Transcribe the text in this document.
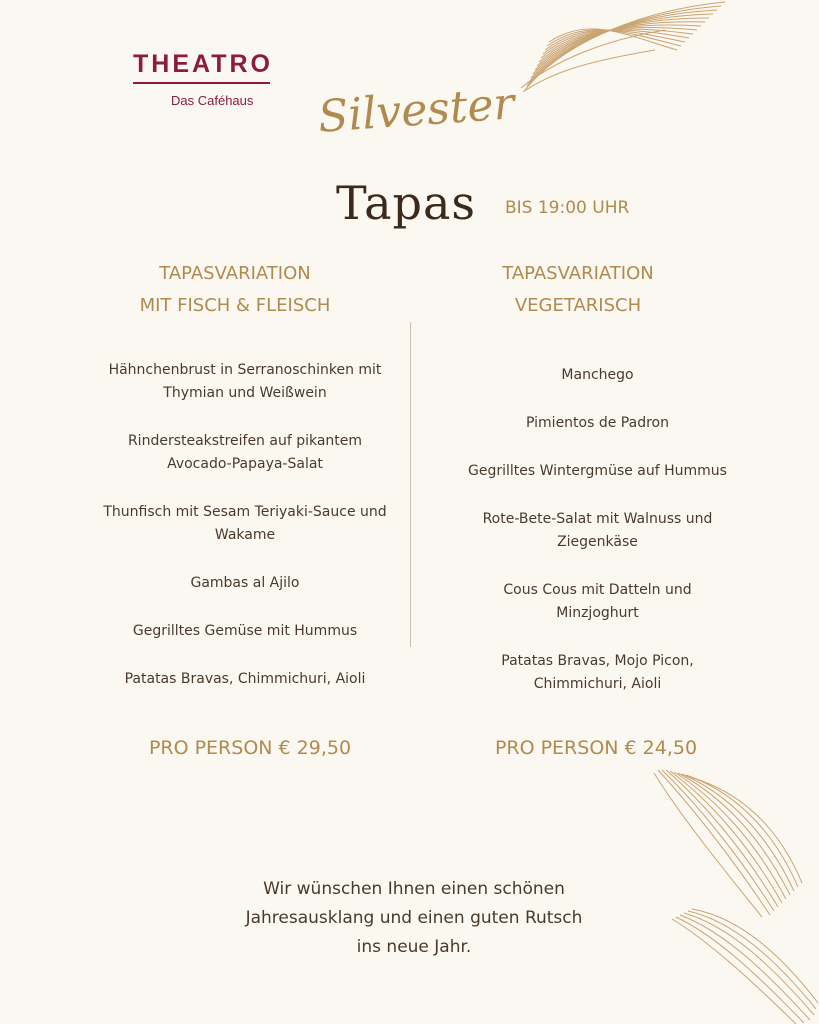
THEATRO
Das Caféhaus Silvester
Tapas BIS 19:00 UHR
TAPASVARIATION
MIT FISCH & FLEISCH
Hähnchenbrust in Serranoschinken mit Thymian und Weißwein
Rindersteakstreifen auf pikantem Avocado-Papaya-Salat
Thunfisch mit Sesam Teriyaki-Sauce und Wakame
Gambas al Ajilo
Gegrilltes Gemüse mit Hummus
Patatas Bravas, Chimmichuri, Aioli
PRO PERSON € 29,50
TAPASVARIATION
VEGETARISCH
Manchego
Pimientos de Padron
Gegrilltes Wintergmüse auf Hummus
Rote-Bete-Salat mit Walnuss und Ziegenkäse
Cous Cous mit Datteln und Minzjoghurt
Patatas Bravas, Mojo Picon, Chimmichuri, Aioli
PRO PERSON € 24,50
Wir wünschen Ihnen einen schönen
Jahresausklang und einen guten Rutsch
ins neue Jahr.
